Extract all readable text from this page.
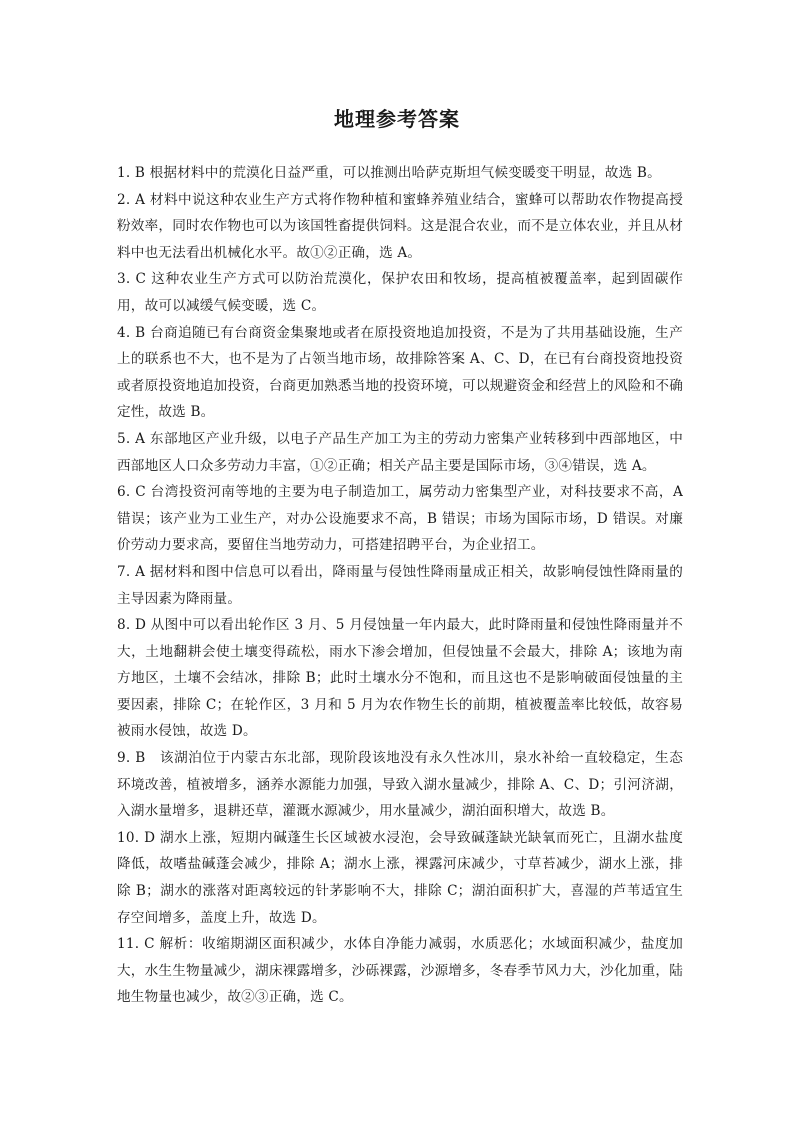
地理参考答案

1. B 根据材料中的荒漠化日益严重，可以推测出哈萨克斯坦气候变暖变干明显，故选 B。

2. A 材料中说这种农业生产方式将作物种植和蜜蜂养殖业结合，蜜蜂可以帮助农作物提高授粉效率，同时农作物也可以为该国牲畜提供饲料。这是混合农业，而不是立体农业，并且从材料中也无法看出机械化水平。故①②正确，选 A。

3. C 这种农业生产方式可以防治荒漠化，保护农田和牧场，提高植被覆盖率，起到固碳作用，故可以减缓气候变暖，选 C。

4. B 台商追随已有台商资金集聚地或者在原投资地追加投资，不是为了共用基础设施，生产上的联系也不大，也不是为了占领当地市场，故排除答案 A、C、D，在已有台商投资地投资或者原投资地追加投资，台商更加熟悉当地的投资环境，可以规避资金和经营上的风险和不确定性，故选 B。

5. A 东部地区产业升级，以电子产品生产加工为主的劳动力密集产业转移到中西部地区，中西部地区人口众多劳动力丰富，①②正确；相关产品主要是国际市场，③④错误，选 A。

6. C 台湾投资河南等地的主要为电子制造加工，属劳动力密集型产业，对科技要求不高，A 错误；该产业为工业生产，对办公设施要求不高，B 错误；市场为国际市场，D 错误。对廉价劳动力要求高，要留住当地劳动力，可搭建招聘平台，为企业招工。

7. A 据材料和图中信息可以看出，降雨量与侵蚀性降雨量成正相关，故影响侵蚀性降雨量的主导因素为降雨量。

8. D 从图中可以看出轮作区 3 月、5 月侵蚀量一年内最大，此时降雨量和侵蚀性降雨量并不大，土地翻耕会使土壤变得疏松，雨水下渗会增加，但侵蚀量不会最大，排除 A；该地为南方地区，土壤不会结冰，排除 B；此时土壤水分不饱和，而且这也不是影响破面侵蚀量的主要因素，排除 C；在轮作区，3 月和 5 月为农作物生长的前期，植被覆盖率比较低，故容易被雨水侵蚀，故选 D。

9. B　该湖泊位于内蒙古东北部，现阶段该地没有永久性冰川，泉水补给一直较稳定，生态环境改善，植被增多，涵养水源能力加强，导致入湖水量减少，排除 A、C、D；引河济湖，入湖水量增多，退耕还草，灌溉水源减少，用水量减少，湖泊面积增大，故选 B。

10. D 湖水上涨，短期内碱蓬生长区域被水浸泡，会导致碱蓬缺光缺氧而死亡，且湖水盐度降低，故嗜盐碱蓬会减少，排除 A；湖水上涨，裸露河床减少，寸草苔减少，湖水上涨，排除 B；湖水的涨落对距离较远的针茅影响不大，排除 C；湖泊面积扩大，喜湿的芦苇适宜生存空间增多，盖度上升，故选 D。

11. C 解析：收缩期湖区面积减少，水体自净能力减弱，水质恶化；水域面积减少，盐度加大，水生生物量减少，湖床裸露增多，沙砾裸露，沙源增多，冬春季节风力大，沙化加重，陆地生物量也减少，故②③正确，选 C。
